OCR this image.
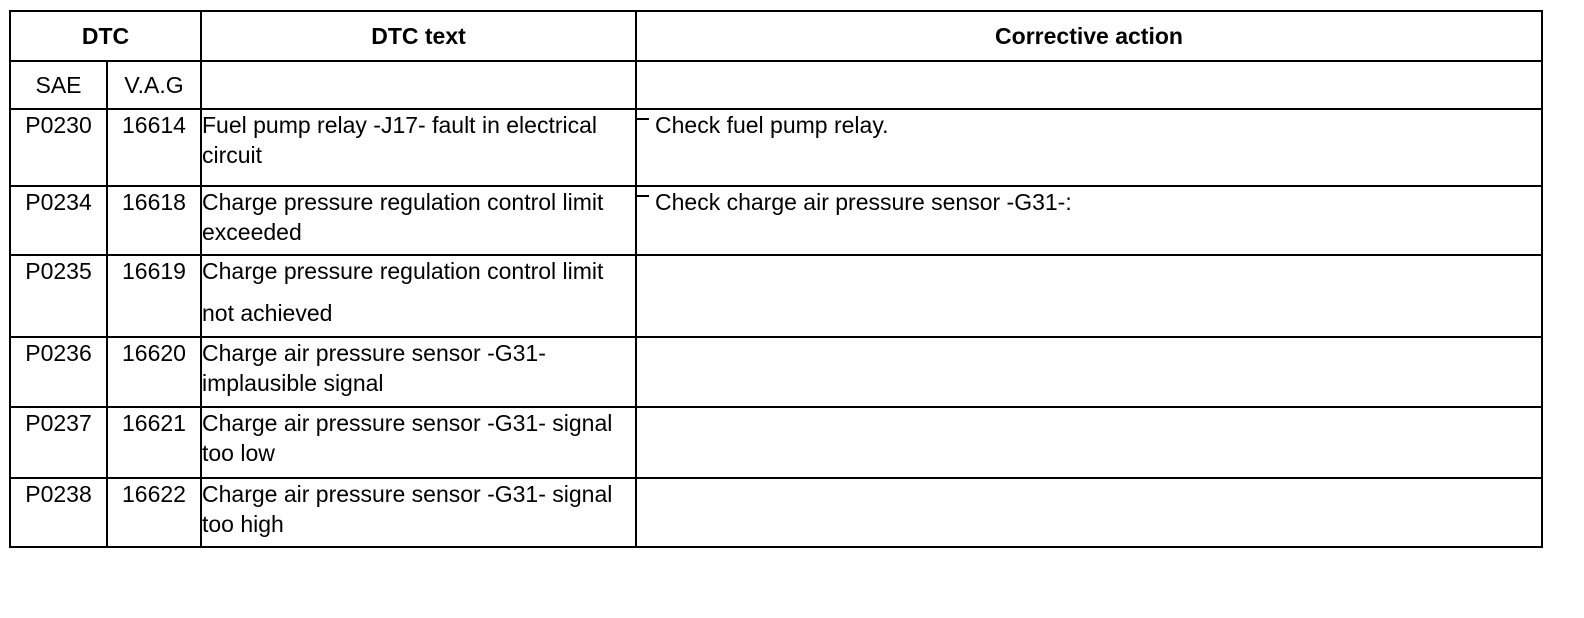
DTC		DTC text	Corrective action
SAE	V.A.G		
P0230	16614	Fuel pump relay -J17- fault in electrical circuit	Check fuel pump relay.
P0234	16618	Charge pressure regulation control limit exceeded	Check charge air pressure sensor -G31-:
P0235	16619	Charge pressure regulation control limit not achieved	

P0236	16620	Charge air pressure sensor -G31- implausible signal	
P0237	16621	Charge air pressure sensor -G31- signal too low	
P0238	16622	Charge air pressure sensor -G31- signal too high	
